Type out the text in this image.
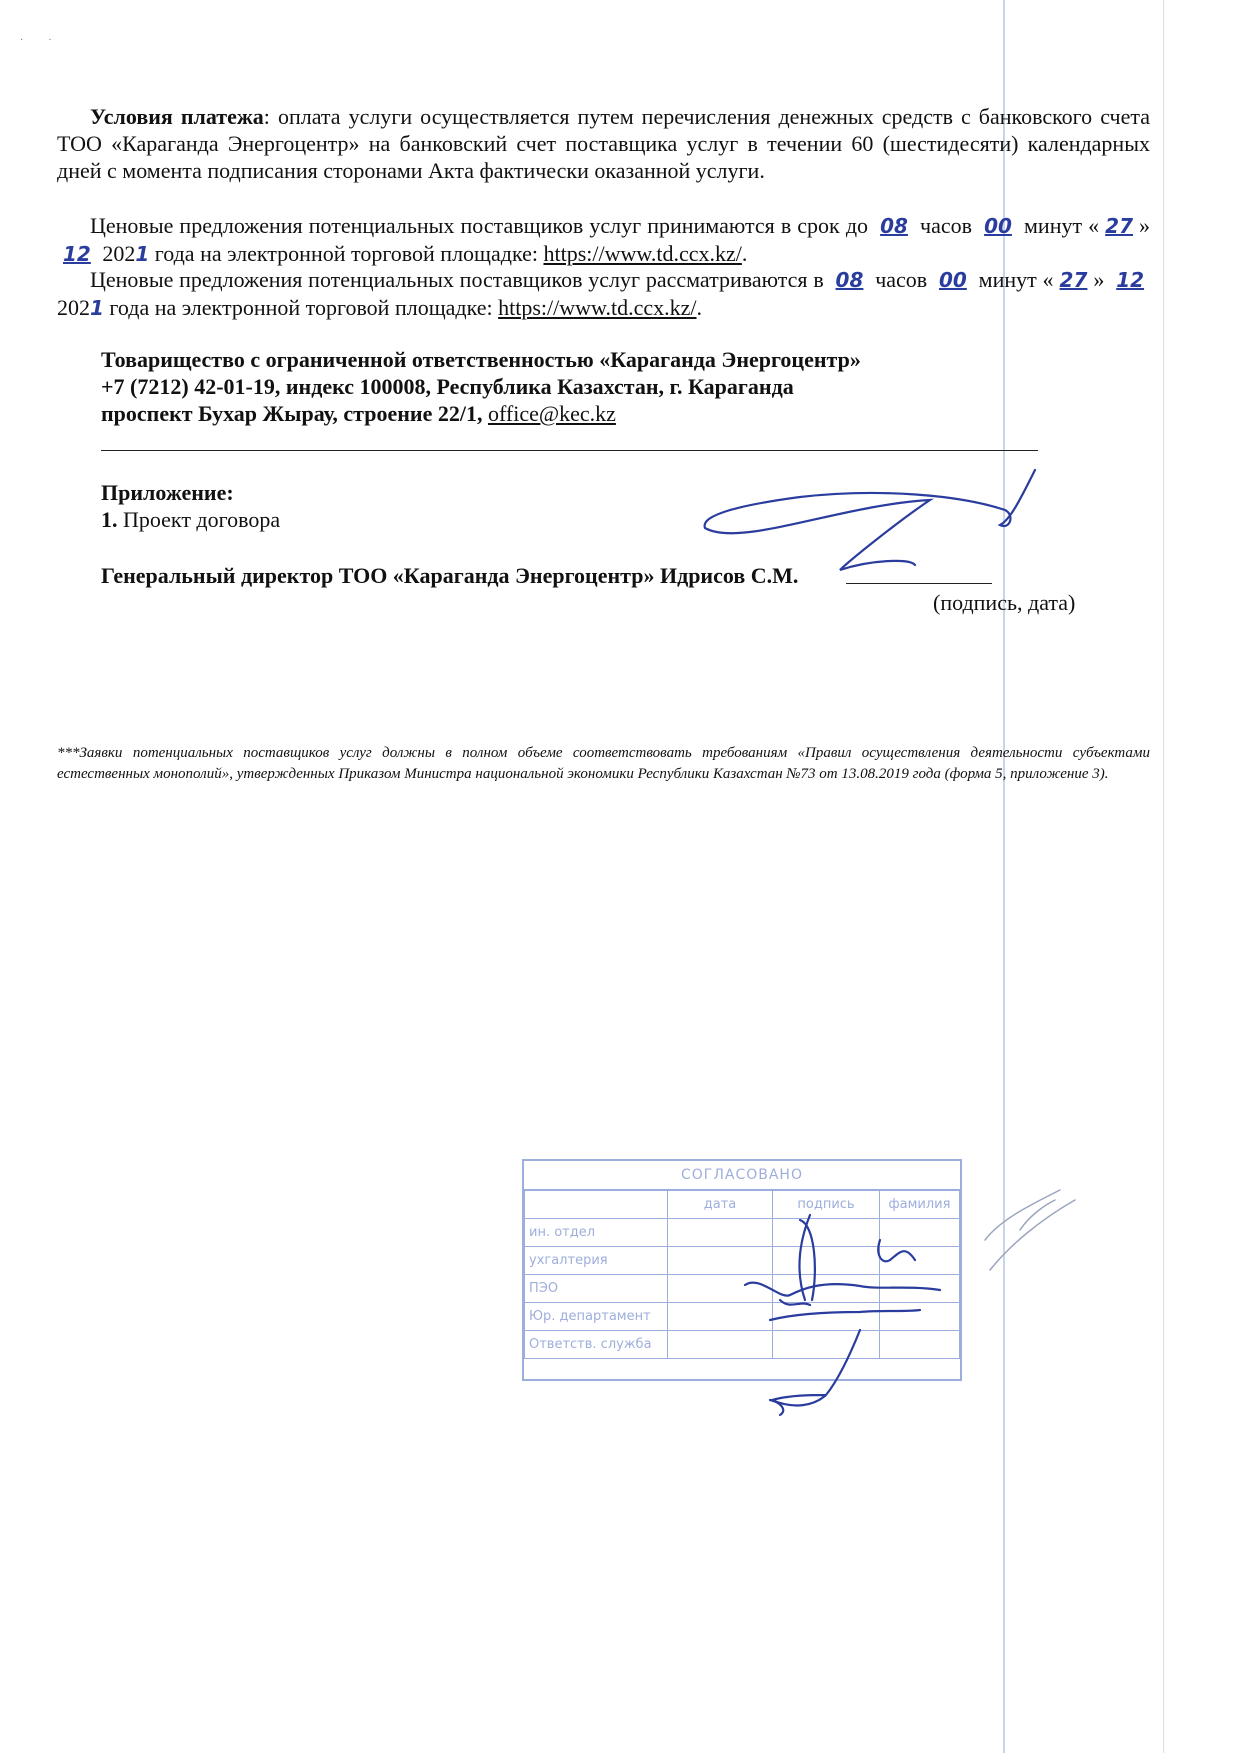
·          ·
Условия платежа: оплата услуги осуществляется путем перечисления денежных средств с банковского счета ТОО «Караганда Энергоцентр» на банковский счет поставщика услуг в течении 60 (шестидесяти) календарных дней с момента подписания сторонами Акта фактически оказанной услуги.
Ценовые предложения потенциальных поставщиков услуг принимаются в срок до 08 часов 00 минут « 27 » 12 2021 года на электронной торговой площадке: https://www.td.ccx.kz/.
Ценовые предложения потенциальных поставщиков услуг рассматриваются в 08 часов 00 минут « 27 » 12 2021 года на электронной торговой площадке: https://www.td.ccx.kz/.
Товарищество с ограниченной ответственностью «Караганда Энергоцентр»
+7 (7212) 42-01-19, индекс 100008, Республика Казахстан, г. Караганда
проспект Бухар Жырау, строение 22/1, office@kec.kz
Приложение:
1. Проект договора
Генеральный директор ТОО «Караганда Энергоцентр» Идрисов С.М.
(подпись, дата)
***Заявки потенциальных поставщиков услуг должны в полном объеме соответствовать требованиям «Правил осуществления деятельности субъектами естественных монополий», утвержденных Приказом Министра национальной экономики Республики Казахстан №73 от 13.08.2019 года (форма 5, приложение 3).
СОГЛАСОВАНО
	дата	подпись	фамилия
ин. отдел			
ухгалтерия			
ПЭО			
Юр. департамент			
Ответств. служба			
